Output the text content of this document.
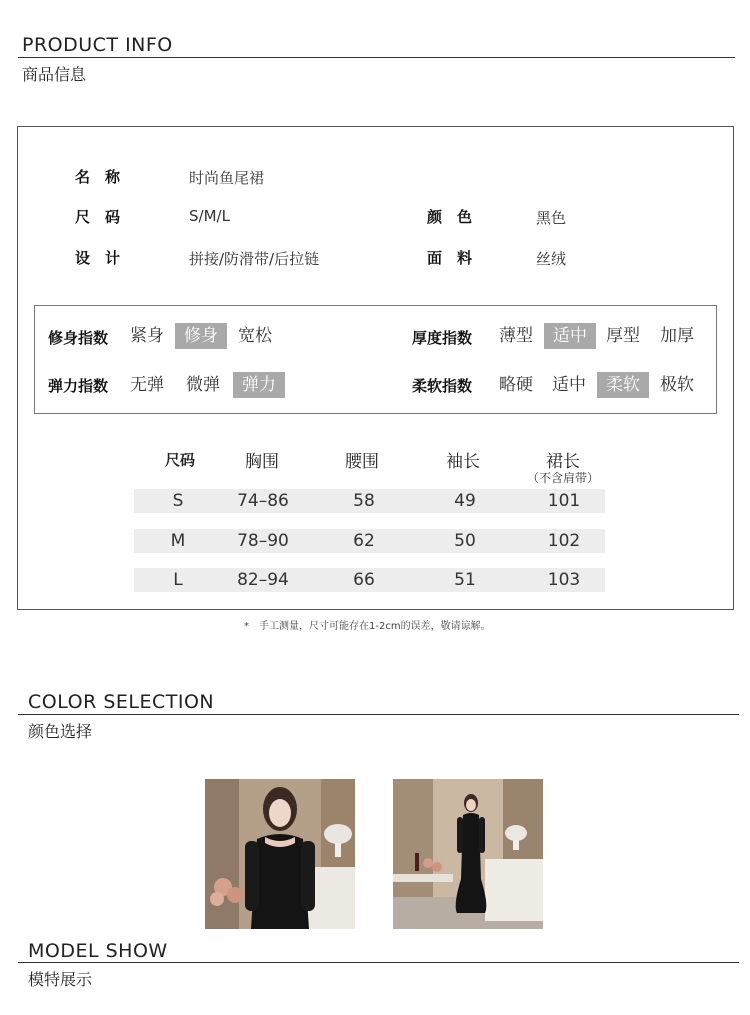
PRODUCT INFO
商品信息
名　称	时尚鱼尾裙
尺　码	S/M/L	颜　色	黑色
设　计	拼接/防滑带/后拉链	面　料	丝绒
修身指数 紧身	修身	宽松	厚度指数 薄型	适中	厚型 加厚
弹力指数 无弹 微弹	弹力	柔软指数 略硬 适中	柔软	极软
尺码	胸围	腰围	袖长	裙长
（不含肩带）
S	74–86	58	49	101
M	78–90	62	50	102
L	82–94	66	51	103
*　手工测量，尺寸可能存在1-2cm的误差，敬请谅解。
COLOR SELECTION
颜色选择
MODEL SHOW
模特展示
